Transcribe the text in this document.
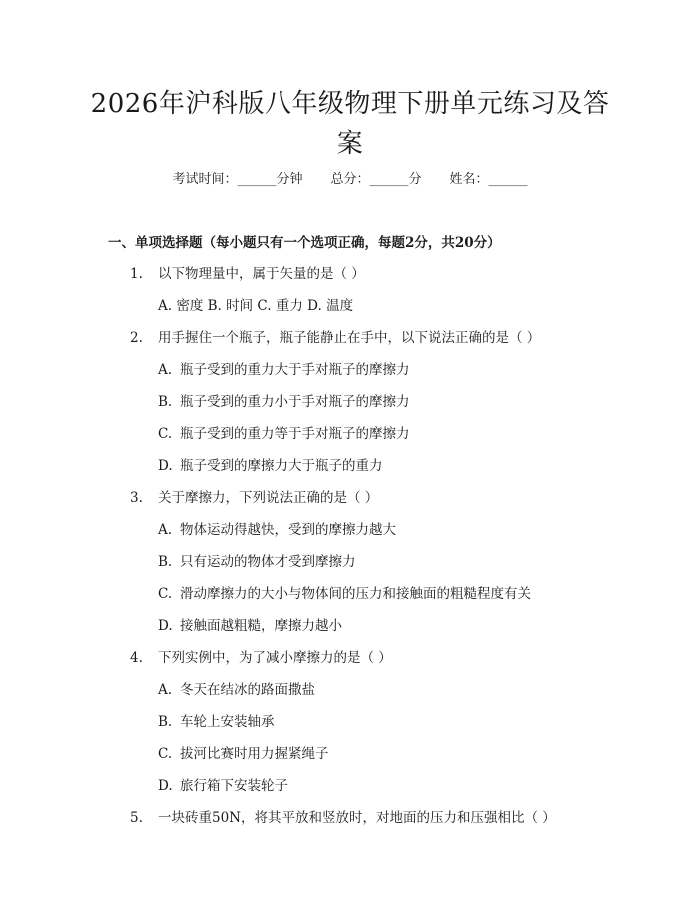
2026年沪科版八年级物理下册单元练习及答
案
考试时间：______分钟 总分：______分 姓名：______
一、单项选择题（每小题只有一个选项正确，每题2分，共20分）
1. 以下物理量中，属于矢量的是（ ）
A. 密度 B. 时间 C. 重力 D. 温度
2. 用手握住一个瓶子，瓶子能静止在手中，以下说法正确的是（ ）
A. 瓶子受到的重力大于手对瓶子的摩擦力
B. 瓶子受到的重力小于手对瓶子的摩擦力
C. 瓶子受到的重力等于手对瓶子的摩擦力
D. 瓶子受到的摩擦力大于瓶子的重力
3. 关于摩擦力，下列说法正确的是（ ）
A. 物体运动得越快，受到的摩擦力越大
B. 只有运动的物体才受到摩擦力
C. 滑动摩擦力的大小与物体间的压力和接触面的粗糙程度有关
D. 接触面越粗糙，摩擦力越小
4. 下列实例中，为了减小摩擦力的是（ ）
A. 冬天在结冰的路面撒盐
B. 车轮上安装轴承
C. 拔河比赛时用力握紧绳子
D. 旅行箱下安装轮子
5. 一块砖重50N，将其平放和竖放时，对地面的压力和压强相比（ ）
